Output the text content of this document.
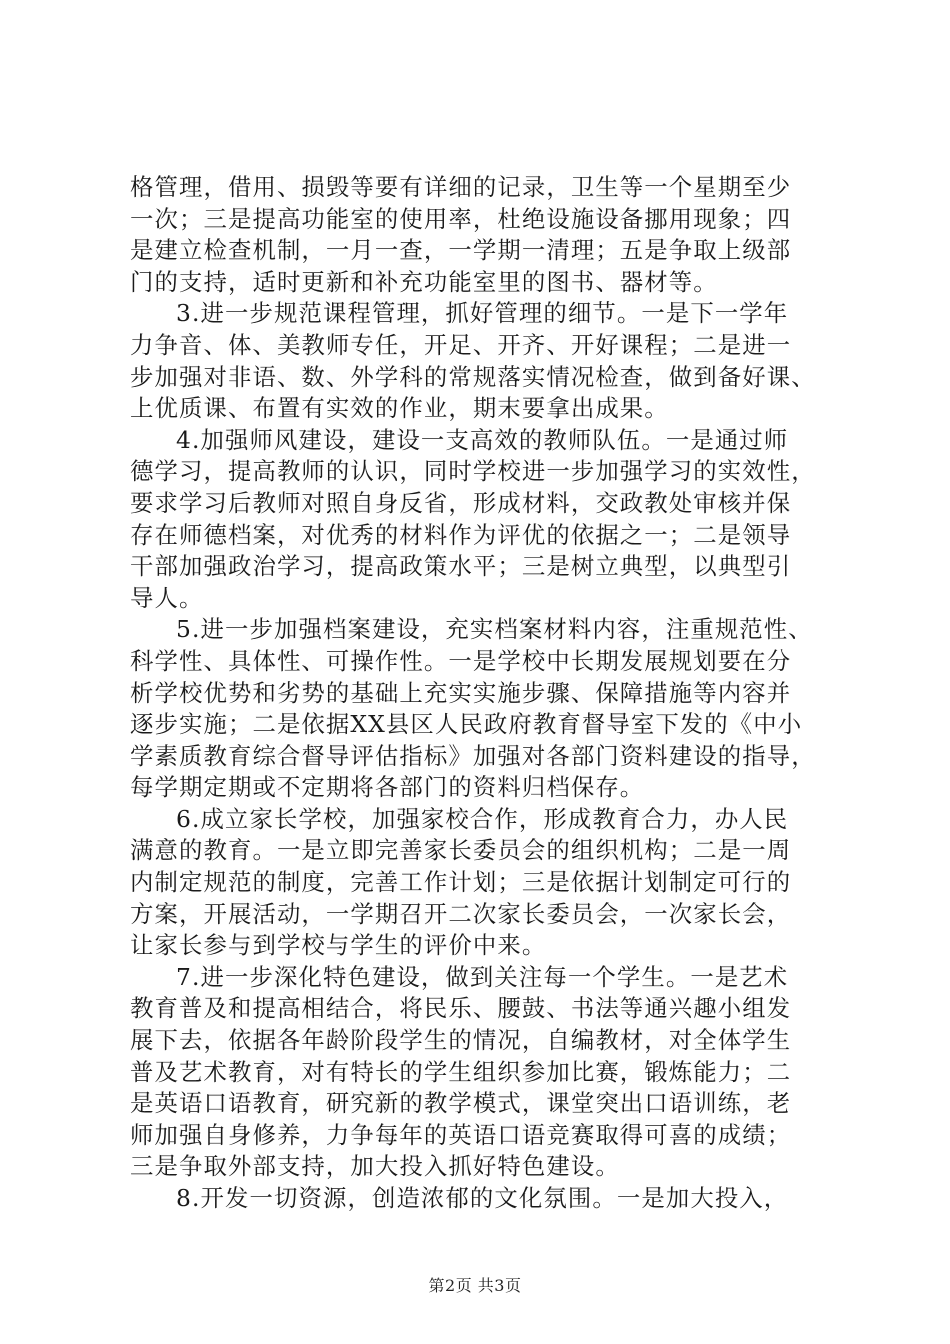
格管理，借用、损毁等要有详细的记录，卫生等一个星期至少
一次；三是提高功能室的使用率，杜绝设施设备挪用现象；四
是建立检查机制，一月一查，一学期一清理；五是争取上级部
门的支持，适时更新和补充功能室里的图书、器材等。
3.进一步规范课程管理，抓好管理的细节。一是下一学年
力争音、体、美教师专任，开足、开齐、开好课程；二是进一
步加强对非语、数、外学科的常规落实情况检查，做到备好课、
上优质课、布置有实效的作业，期末要拿出成果。
4.加强师风建设，建设一支高效的教师队伍。一是通过师
德学习，提高教师的认识，同时学校进一步加强学习的实效性，
要求学习后教师对照自身反省，形成材料，交政教处审核并保
存在师德档案，对优秀的材料作为评优的依据之一；二是领导
干部加强政治学习，提高政策水平；三是树立典型，以典型引
导人。
5.进一步加强档案建设，充实档案材料内容，注重规范性、
科学性、具体性、可操作性。一是学校中长期发展规划要在分
析学校优势和劣势的基础上充实实施步骤、保障措施等内容并
逐步实施；二是依据XX县区人民政府教育督导室下发的《中小
学素质教育综合督导评估指标》加强对各部门资料建设的指导，
每学期定期或不定期将各部门的资料归档保存。
6.成立家长学校，加强家校合作，形成教育合力，办人民
满意的教育。一是立即完善家长委员会的组织机构；二是一周
内制定规范的制度，完善工作计划；三是依据计划制定可行的
方案，开展活动，一学期召开二次家长委员会，一次家长会，
让家长参与到学校与学生的评价中来。
7.进一步深化特色建设，做到关注每一个学生。一是艺术
教育普及和提高相结合，将民乐、腰鼓、书法等通兴趣小组发
展下去，依据各年龄阶段学生的情况，自编教材，对全体学生
普及艺术教育，对有特长的学生组织参加比赛，锻炼能力；二
是英语口语教育，研究新的教学模式，课堂突出口语训练，老
师加强自身修养，力争每年的英语口语竞赛取得可喜的成绩；
三是争取外部支持，加大投入抓好特色建设。
8.开发一切资源，创造浓郁的文化氛围。一是加大投入，
第2页 共3页
